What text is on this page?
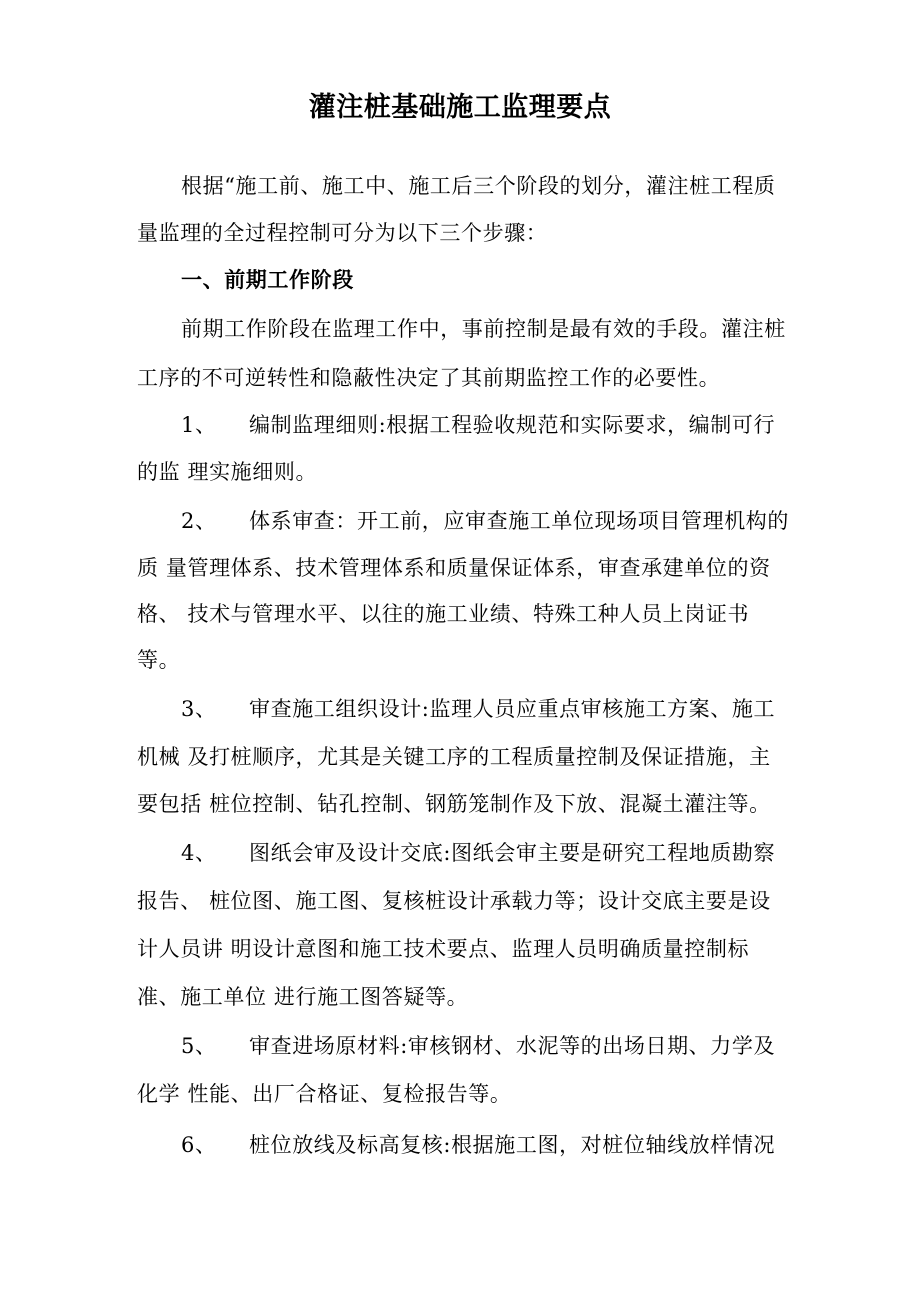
灌注桩基础施工监理要点
根据“施工前、施工中、施工后三个阶段的划分，灌注桩工程质
量监理的全过程控制可分为以下三个步骤：
一、前期工作阶段
前期工作阶段在监理工作中，事前控制是最有效的手段。灌注桩
工序的不可逆转性和隐蔽性决定了其前期监控工作的必要性。
1、 编制监理细则:根据工程验收规范和实际要求，编制可行
的监 理实施细则。
2、 体系审查：开工前，应审查施工单位现场项目管理机构的
质 量管理体系、技术管理体系和质量保证体系，审查承建单位的资
格、 技术与管理水平、以往的施工业绩、特殊工种人员上岗证书
等。
3、 审查施工组织设计:监理人员应重点审核施工方案、施工
机械 及打桩顺序，尤其是关键工序的工程质量控制及保证措施，主
要包括 桩位控制、钻孔控制、钢筋笼制作及下放、混凝土灌注等。
4、 图纸会审及设计交底:图纸会审主要是研究工程地质勘察
报告、 桩位图、施工图、复核桩设计承载力等；设计交底主要是设
计人员讲 明设计意图和施工技术要点、监理人员明确质量控制标
准、施工单位 进行施工图答疑等。
5、 审查进场原材料:审核钢材、水泥等的出场日期、力学及
化学 性能、出厂合格证、复检报告等。
6、 桩位放线及标高复核:根据施工图，对桩位轴线放样情况
